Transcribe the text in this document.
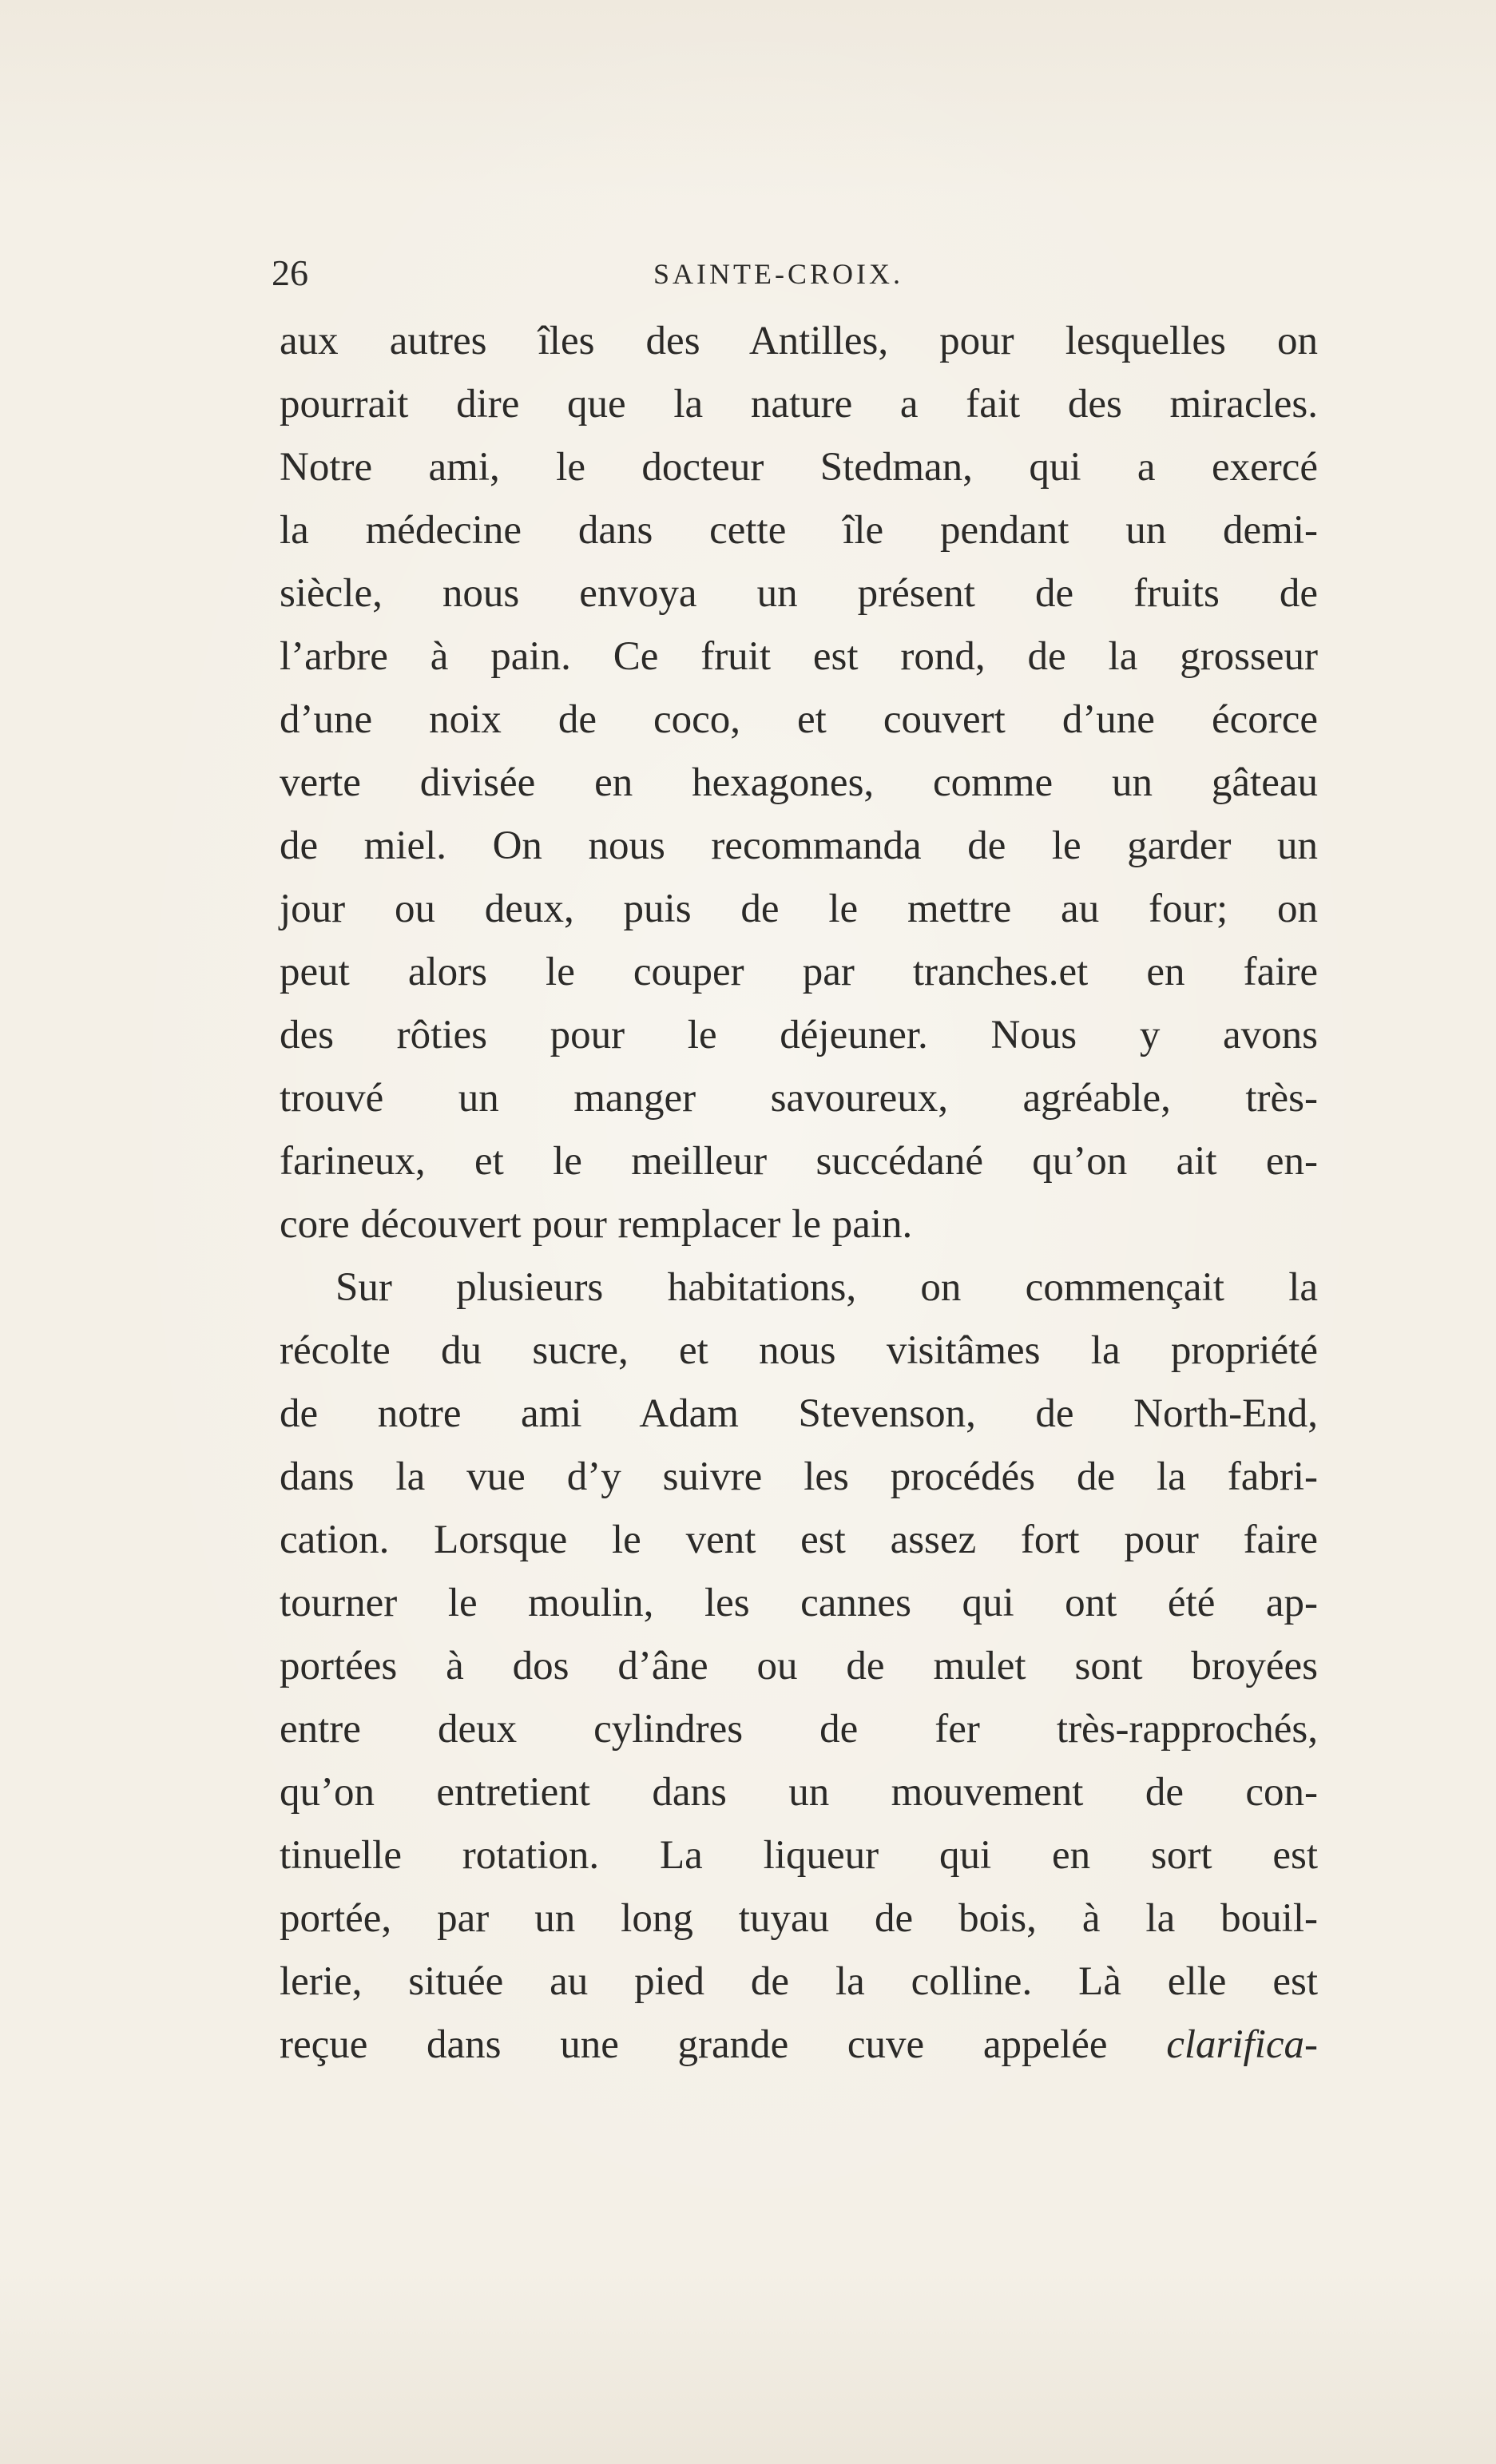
26	SAINTE-CROIX.
aux autres îles des Antilles, pour lesquelles on
pourrait dire que la nature a fait des miracles.
Notre ami, le docteur Stedman, qui a exercé
la médecine dans cette île pendant un demi-
siècle, nous envoya un présent de fruits de
l’arbre à pain. Ce fruit est rond, de la grosseur
d’une noix de coco, et couvert d’une écorce
verte divisée en hexagones, comme un gâteau
de miel. On nous recommanda de le garder un
jour ou deux, puis de le mettre au four; on
peut alors le couper par tranches.et en faire
des rôties pour le déjeuner. Nous y avons
trouvé un manger savoureux, agréable, très-
farineux, et le meilleur succédané qu’on ait en-
core découvert pour remplacer le pain.
Sur plusieurs habitations, on commençait la
récolte du sucre, et nous visitâmes la propriété
de notre ami Adam Stevenson, de North-End,
dans la vue d’y suivre les procédés de la fabri-
cation. Lorsque le vent est assez fort pour faire
tourner le moulin, les cannes qui ont été ap-
portées à dos d’âne ou de mulet sont broyées
entre deux cylindres de fer très-rapprochés,
qu’on entretient dans un mouvement de con-
tinuelle rotation. La liqueur qui en sort est
portée, par un long tuyau de bois, à la bouil-
lerie, située au pied de la colline. Là elle est
reçue dans une grande cuve appelée clarifica-
